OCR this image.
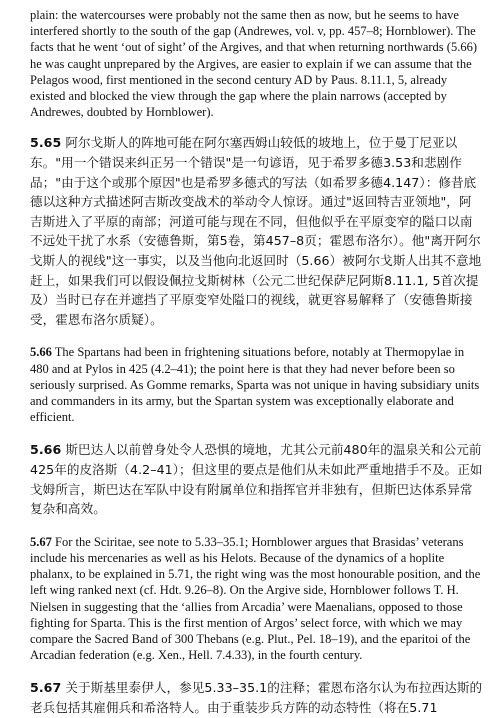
plain: the watercourses were probably not the same then as now, but he seems to have interfered shortly to the south of the gap (Andrewes, vol. v, pp. 457–8; Hornblower). The facts that he went ‘out of sight’ of the Argives, and that when returning northwards (5.66) he was caught unprepared by the Argives, are easier to explain if we can assume that the Pelagos wood, first mentioned in the second century AD by Paus. 8.11.1, 5, already existed and blocked the view through the gap where the plain narrows (accepted by Andrewes, doubted by Hornblower).

5.65 阿尔戈斯人的阵地可能在阿尔塞西姆山较低的坡地上，位于曼丁尼亚以东。"用一个错误来纠正另一个错误"是一句谚语，见于希罗多德3.53和悲剧作品；"由于这个或那个原因"也是希罗多德式的写法（如希罗多德4.147）：修昔底德以这种方式描述阿吉斯改变战术的举动令人惊讶。通过"返回特吉亚领地"，阿吉斯进入了平原的南部；河道可能与现在不同，但他似乎在平原变窄的隘口以南不远处干扰了水系（安德鲁斯，第5卷，第457–8页；霍恩布洛尔）。他"离开阿尔戈斯人的视线"这一事实，以及当他向北返回时（5.66）被阿尔戈斯人出其不意地赶上，如果我们可以假设佩拉戈斯树林（公元二世纪保萨尼阿斯8.11.1, 5首次提及）当时已存在并遮挡了平原变窄处隘口的视线，就更容易解释了（安德鲁斯接受，霍恩布洛尔质疑）。

5.66 The Spartans had been in frightening situations before, notably at Thermopylae in 480 and at Pylos in 425 (4.2–41); the point here is that they had never before been so seriously surprised. As Gomme remarks, Sparta was not unique in having subsidiary units and commanders in its army, but the Spartan system was exceptionally elaborate and efficient.

5.66 斯巴达人以前曾身处令人恐惧的境地，尤其公元前480年的温泉关和公元前425年的皮洛斯（4.2–41）；但这里的要点是他们从未如此严重地措手不及。正如戈姆所言，斯巴达在军队中设有附属单位和指挥官并非独有，但斯巴达体系异常复杂和高效。

5.67 For the Sciritae, see note to 5.33–35.1; Hornblower argues that Brasidas’ veterans include his mercenaries as well as his Helots. Because of the dynamics of a hoplite phalanx, to be explained in 5.71, the right wing was the most honourable position, and the left wing ranked next (cf. Hdt. 9.26–8). On the Argive side, Hornblower follows T. H. Nielsen in suggesting that the ‘allies from Arcadia’ were Maenalians, opposed to those fighting for Sparta. This is the first mention of Argos’ select force, with which we may compare the Sacred Band of 300 Thebans (e.g. Plut., Pel. 18–19), and the eparitoi of the Arcadian federation (e.g. Xen., Hell. 7.4.33), in the fourth century.

5.67 关于斯基里泰伊人，参见5.33–35.1的注释；霍恩布洛尔认为布拉西达斯的老兵包括其雇佣兵和希洛特人。由于重装步兵方阵的动态特性（将在5.71
